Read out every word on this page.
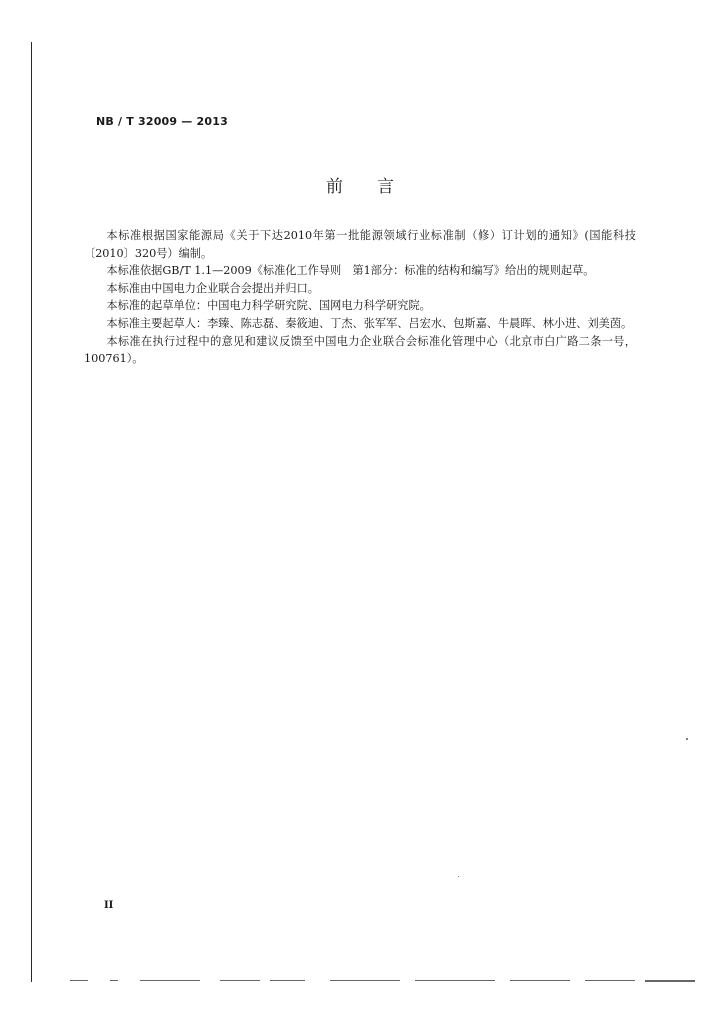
NB / T 32009 — 2013
前言

本标准根据国家能源局《关于下达2010年第一批能源领域行业标准制（修）订计划的通知》(国能科技〔2010〕320号）编制。

本标准依据GB/T 1.1—2009《标准化工作导则　第1部分：标准的结构和编写》给出的规则起草。

本标准由中国电力企业联合会提出并归口。

本标准的起草单位：中国电力科学研究院、国网电力科学研究院。

本标准主要起草人：李臻、陈志磊、秦筱迪、丁杰、张军军、吕宏水、包斯嘉、牛晨晖、林小进、刘美茵。

本标准在执行过程中的意见和建议反馈至中国电力企业联合会标准化管理中心（北京市白广路二条一号，100761）。

II
